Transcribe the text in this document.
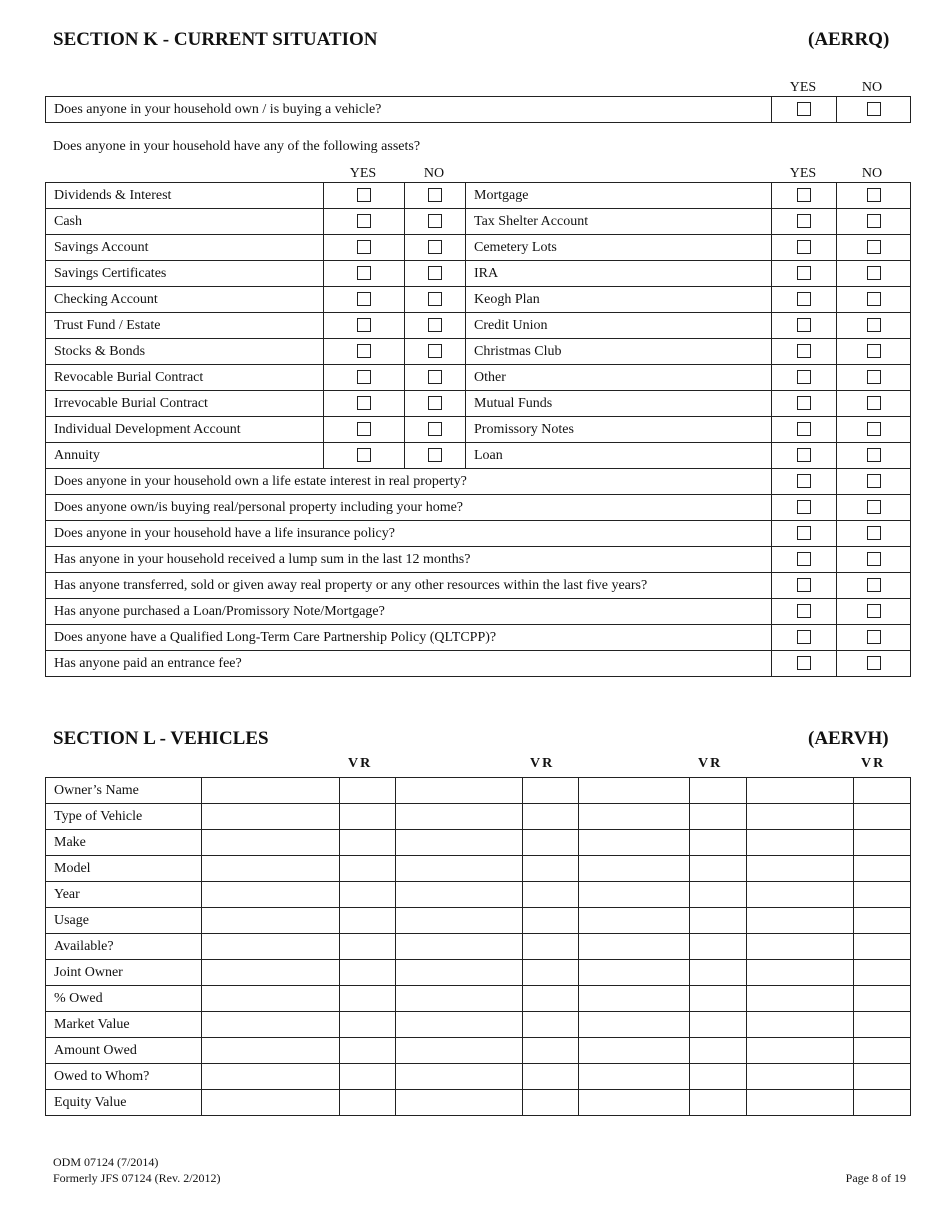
SECTION K - CURRENT SITUATION	(AERRQ)
YES	NO
Does anyone in your household own / is buying a vehicle?		
Does anyone in your household have any of the following assets?
YES	NO	YES	NO
Dividends & Interest			Mortgage		
Cash			Tax Shelter Account		
Savings Account			Cemetery Lots		
Savings Certificates			IRA		
Checking Account			Keogh Plan		
Trust Fund / Estate			Credit Union		
Stocks & Bonds			Christmas Club		
Revocable Burial Contract			Other		
Irrevocable Burial Contract			Mutual Funds		
Individual Development Account			Promissory Notes		
Annuity			Loan		
Does anyone in your household own a life estate interest in real property?					
Does anyone own/is buying real/personal property including your home?					
Does anyone in your household have a life insurance policy?					
Has anyone in your household received a lump sum in the last 12 months?					
Has anyone transferred, sold or given away real property or any other resources within the last five years?					
Has anyone purchased a Loan/Promissory Note/Mortgage?					
Does anyone have a Qualified Long-Term Care Partnership Policy (QLTCPP)?					
Has anyone paid an entrance fee?					
SECTION L - VEHICLES	(AERVH)
VR	VR	VR	VR
Owner’s Name								
Type of Vehicle								
Make								
Model								
Year								
Usage								
Available?								
Joint Owner								
% Owed								
Market Value								
Amount Owed								
Owed to Whom?								
Equity Value								
ODM 07124 (7/2014)
Formerly JFS 07124 (Rev. 2/2012)	Page 8 of 19
